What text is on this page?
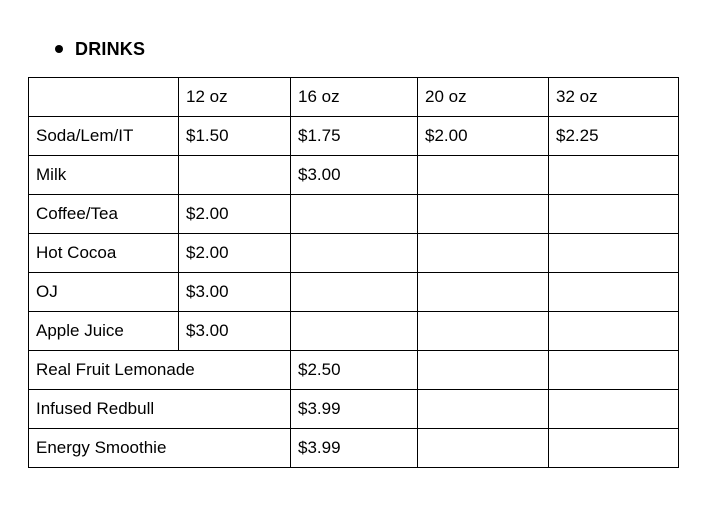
DRINKS
	12 oz	16 oz	20 oz	32 oz
Soda/Lem/IT	$1.50	$1.75	$2.00	$2.25
Milk		$3.00		
Coffee/Tea	$2.00			
Hot Cocoa	$2.00			
OJ	$3.00			
Apple Juice	$3.00			
Real Fruit Lemonade		$2.50		
Infused Redbull		$3.99		
Energy Smoothie		$3.99		
